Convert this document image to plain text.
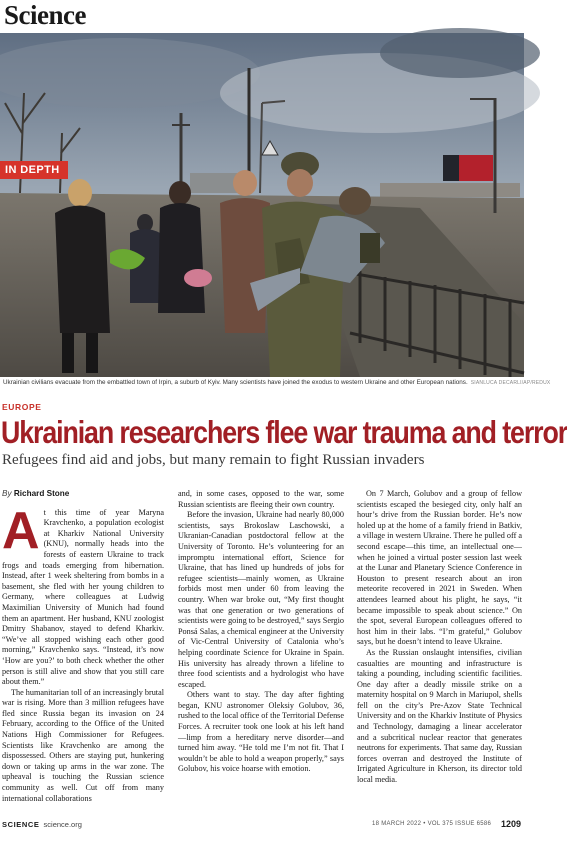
Science
IN DEPTH
Ukrainian civilians evacuate from the embattled town of Irpin, a suburb of Kyiv. Many scientists have joined the exodus to western Ukraine and other European nations. SIANLUCA DECARLI/AP/REDUX
EUROPE
Ukrainian researchers flee war trauma and terror
Refugees find aid and jobs, but many remain to fight Russian invaders
By Richard Stone

At this time of year Maryna Kravchenko, a population ecologist at Kharkiv National University (KNU), normally heads into the forests of eastern Ukraine to track frogs and toads emerging from hibernation. Instead, after 1 week sheltering from bombs in a basement, she fled with her young children to Germany, where colleagues at Ludwig Maximilian University of Munich had found them an apartment. Her husband, KNU zoologist Dmitry Shabanov, stayed to defend Kharkiv. “We’ve all stopped wishing each other good morning,” Kravchenko says. “Instead, it’s now ‘How are you?’ to both check whether the other person is still alive and show that you still care about them.”

The humanitarian toll of an increasingly brutal war is rising. More than 3 million refugees have fled since Russia began its invasion on 24 February, according to the Office of the United Nations High Commissioner for Refugees. Scientists like Kravchenko are among the dispossessed. Others are staying put, hunkering down or taking up arms in the war zone. The upheaval is touching the Russian science community as well. Cut off from many international collaborations

and, in some cases, opposed to the war, some Russian scientists are fleeing their own country.

Before the invasion, Ukraine had nearly 80,000 scientists, says Brokoslaw Laschowski, a Ukranian-Canadian postdoctoral fellow at the University of Toronto. He’s volunteering for an impromptu international effort, Science for Ukraine, that has lined up hundreds of jobs for refugee scientists—mainly women, as Ukraine forbids most men under 60 from leaving the country. When war broke out, “My first thought was that one generation or two generations of scientists were going to be destroyed,” says Sergio Ponsá Salas, a chemical engineer at the University of Vic-Central University of Catalonia who’s helping coordinate Science for Ukraine in Spain. His university has already thrown a lifeline to three food scientists and a hydrologist who have escaped.

Others want to stay. The day after fighting began, KNU astronomer Oleksiy Golubov, 36, rushed to the local office of the Territorial Defense Forces. A recruiter took one look at his left hand—limp from a hereditary nerve disorder—and turned him away. “He told me I’m not fit. That I wouldn’t be able to hold a weapon properly,” says Golubov, his voice hoarse with emotion.

On 7 March, Golubov and a group of fellow scientists escaped the besieged city, only half an hour’s drive from the Russian border. He’s now holed up at the home of a family friend in Batkiv, a village in western Ukraine. There he pulled off a second escape—this time, an intellectual one—when he joined a virtual poster session last week at the Lunar and Planetary Science Conference in Houston to present research about an iron meteorite recovered in 2021 in Sweden. When attendees learned about his plight, he says, “it became impossible to speak about science.” On the spot, several European colleagues offered to host him in their labs. “I’m grateful,” Golubov says, but he doesn’t intend to leave Ukraine.

As the Russian onslaught intensifies, civilian casualties are mounting and infrastructure is taking a pounding, including scientific facilities. One day after a deadly missile strike on a maternity hospital on 9 March in Mariupol, shells fell on the city’s Pre-Azov State Technical University and on the Kharkiv Institute of Physics and Technology, damaging a linear accelerator and a subcritical nuclear reactor that generates neutrons for experiments. That same day, Russian forces overran and destroyed the Institute of Irrigated Agriculture in Kherson, its director told local media.

SCIENCE science.org	18 MARCH 2022 • VOL 375 ISSUE 6586 1209
